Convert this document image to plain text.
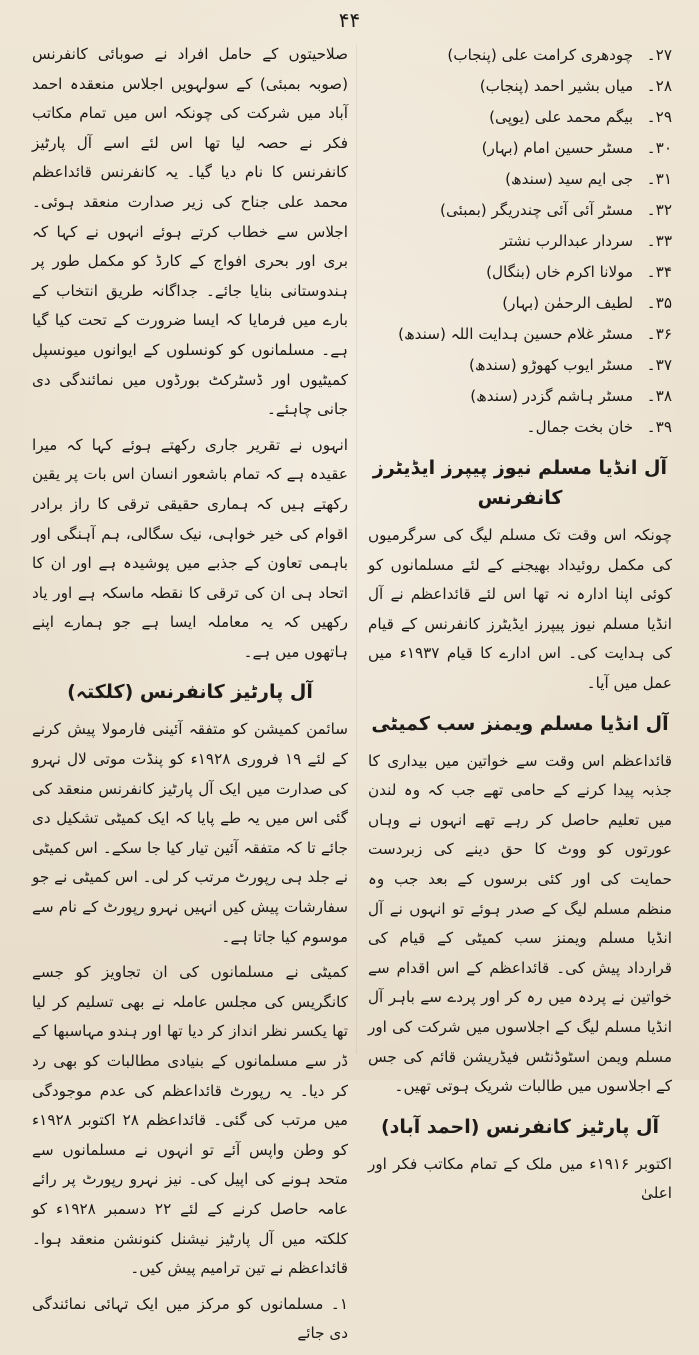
۴۴

صلاحیتوں کے حامل افراد نے صوبائی کانفرنس (صوبہ بمبئی) کے سولہویں اجلاس منعقدہ احمد آباد میں شرکت کی چونکہ اس میں تمام مکاتب فکر نے حصہ لیا تھا اس لئے اسے آل پارٹیز کانفرنس کا نام دیا گیا۔ یہ کانفرنس قائداعظم محمد علی جناح کی زیر صدارت منعقد ہوئی۔ اجلاس سے خطاب کرتے ہوئے انہوں نے کہا کہ بری اور بحری افواج کے کارڈ کو مکمل طور پر ہندوستانی بنایا جائے۔ جداگانہ طریق انتخاب کے بارے میں فرمایا کہ ایسا ضرورت کے تحت کیا گیا ہے۔ مسلمانوں کو کونسلوں کے ایوانوں میونسپل کمیٹیوں اور ڈسٹرکٹ بورڈوں میں نمائندگی دی جانی چاہئے۔

انہوں نے تقریر جاری رکھتے ہوئے کہا کہ میرا عقیدہ ہے کہ تمام باشعور انسان اس بات پر یقین رکھتے ہیں کہ ہماری حقیقی ترقی کا راز برادر اقوام کی خیر خواہی، نیک سگالی، ہم آہنگی اور باہمی تعاون کے جذبے میں پوشیدہ ہے اور ان کا اتحاد ہی ان کی ترقی کا نقطہ ماسکہ ہے اور یاد رکھیں کہ یہ معاملہ ایسا ہے جو ہمارے اپنے ہاتھوں میں ہے۔

آل پارٹیز کانفرنس (کلکتہ)

سائمن کمیشن کو متفقہ آئینی فارمولا پیش کرنے کے لئے ۱۹ فروری ۱۹۲۸ء کو پنڈت موتی لال نہرو کی صدارت میں ایک آل پارٹیز کانفرنس منعقد کی گئی اس میں یہ طے پایا کہ ایک کمیٹی تشکیل دی جائے تا کہ متفقہ آئین تیار کیا جا سکے۔ اس کمیٹی نے جلد ہی رپورٹ مرتب کر لی۔ اس کمیٹی نے جو سفارشات پیش کیں انہیں نہرو رپورٹ کے نام سے موسوم کیا جاتا ہے۔

کمیٹی نے مسلمانوں کی ان تجاویز کو جسے کانگریس کی مجلس عاملہ نے بھی تسلیم کر لیا تھا یکسر نظر انداز کر دیا تھا اور ہندو مہاسبھا کے ڈر سے مسلمانوں کے بنیادی مطالبات کو بھی رد کر دیا۔ یہ رپورٹ قائداعظم کی عدم موجودگی میں مرتب کی گئی۔ قائداعظم ۲۸ اکتوبر ۱۹۲۸ء کو وطن واپس آئے تو انہوں نے مسلمانوں سے متحد ہونے کی اپیل کی۔ نیز نہرو رپورٹ پر رائے عامہ حاصل کرنے کے لئے ۲۲ دسمبر ۱۹۲۸ء کو کلکتہ میں آل پارٹیز نیشنل کنونشن منعقد ہوا۔ قائداعظم نے تین ترامیم پیش کیں۔

۱۔ مسلمانوں کو مرکز میں ایک تہائی نمائندگی دی جائے

۲۷۔ چودھری کرامت علی (پنجاب)
۲۸۔ میاں بشیر احمد (پنجاب)
۲۹۔ بیگم محمد علی (یوپی)
۳۰۔ مسٹر حسین امام (بہار)
۳۱۔ جی ایم سید (سندھ)
۳۲۔ مسٹر آئی آئی چندریگر (بمبئی)
۳۳۔ سردار عبدالرب نشتر
۳۴۔ مولانا اکرم خاں (بنگال)
۳۵۔ لطیف الرحمٰن (بہار)
۳۶۔ مسٹر غلام حسین ہدایت اللہ (سندھ)
۳۷۔ مسٹر ایوب کھوڑو (سندھ)
۳۸۔ مسٹر ہاشم گزدر (سندھ)
۳۹۔ خان بخت جمال۔
آل انڈیا مسلم نیوز پیپرز ایڈیٹرز کانفرنس

چونکہ اس وقت تک مسلم لیگ کی سرگرمیوں کی مکمل روئیداد بھیجنے کے لئے مسلمانوں کو کوئی اپنا ادارہ نہ تھا اس لئے قائداعظم نے آل انڈیا مسلم نیوز پیپرز ایڈیٹرز کانفرنس کے قیام کی ہدایت کی۔ اس ادارے کا قیام ۱۹۳۷ء میں عمل میں آیا۔

آل انڈیا مسلم ویمنز سب کمیٹی

قائداعظم اس وقت سے خواتین میں بیداری کا جذبہ پیدا کرنے کے حامی تھے جب کہ وہ لندن میں تعلیم حاصل کر رہے تھے انہوں نے وہاں عورتوں کو ووٹ کا حق دینے کی زبردست حمایت کی اور کئی برسوں کے بعد جب وہ منظم مسلم لیگ کے صدر ہوئے تو انہوں نے آل انڈیا مسلم ویمنز سب کمیٹی کے قیام کی قرارداد پیش کی۔ قائداعظم کے اس اقدام سے خواتین نے پردہ میں رہ کر اور پردے سے باہر آل انڈیا مسلم لیگ کے اجلاسوں میں شرکت کی اور مسلم ویمن اسٹوڈنٹس فیڈریشن قائم کی جس کے اجلاسوں میں طالبات شریک ہوتی تھیں۔

آل پارٹیز کانفرنس (احمد آباد)

اکتوبر ۱۹۱۶ء میں ملک کے تمام مکاتب فکر اور اعلیٰ
